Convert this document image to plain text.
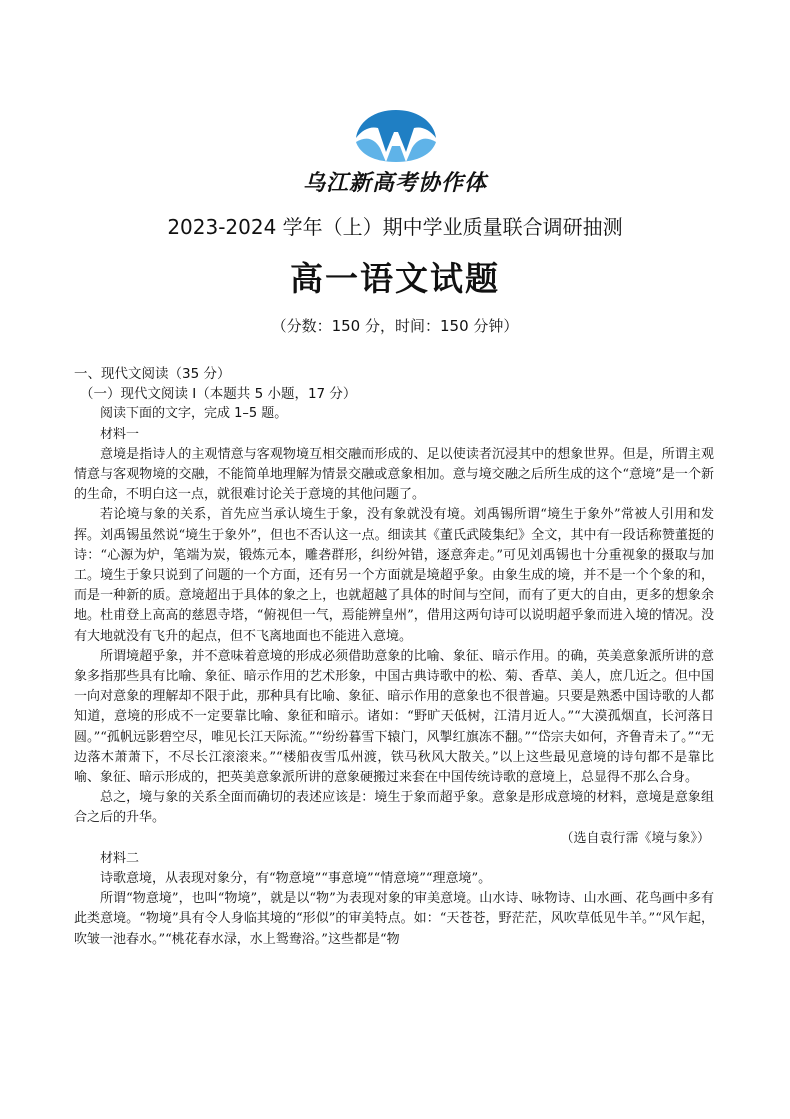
乌江新高考协作体
2023-2024 学年（上）期中学业质量联合调研抽测
高一语文试题
（分数：150 分，时间：150 分钟）
一、现代文阅读（35 分）
（一）现代文阅读 Ⅰ（本题共 5 小题，17 分）
阅读下面的文字，完成 1–5 题。
材料一

意境是指诗人的主观情意与客观物境互相交融而形成的、足以使读者沉浸其中的想象世界。但是，所谓主观情意与客观物境的交融，不能简单地理解为情景交融或意象相加。意与境交融之后所生成的这个“意境”是一个新的生命，不明白这一点，就很难讨论关于意境的其他问题了。

若论境与象的关系，首先应当承认境生于象，没有象就没有境。刘禹锡所谓“境生于象外”常被人引用和发挥。刘禹锡虽然说“境生于象外”，但也不否认这一点。细读其《董氏武陵集纪》全文，其中有一段话称赞董挺的诗：“心源为炉，笔端为炭，锻炼元本，雕砻群形，纠纷舛错，逐意奔走。”可见刘禹锡也十分重视象的摄取与加工。境生于象只说到了问题的一个方面，还有另一个方面就是境超乎象。由象生成的境，并不是一个个象的和，而是一种新的质。意境超出于具体的象之上，也就超越了具体的时间与空间，而有了更大的自由，更多的想象余地。杜甫登上高高的慈恩寺塔，“俯视但一气，焉能辨皇州”，借用这两句诗可以说明超乎象而进入境的情况。没有大地就没有飞升的起点，但不飞离地面也不能进入意境。

所谓境超乎象，并不意味着意境的形成必须借助意象的比喻、象征、暗示作用。的确，英美意象派所讲的意象多指那些具有比喻、象征、暗示作用的艺术形象，中国古典诗歌中的松、菊、香草、美人，庶几近之。但中国一向对意象的理解却不限于此，那种具有比喻、象征、暗示作用的意象也不很普遍。只要是熟悉中国诗歌的人都知道，意境的形成不一定要靠比喻、象征和暗示。诸如：“野旷天低树，江清月近人。”“大漠孤烟直，长河落日圆。”“孤帆远影碧空尽，唯见长江天际流。”“纷纷暮雪下辕门，风掣红旗冻不翻。”“岱宗夫如何，齐鲁青未了。”“无边落木萧萧下，不尽长江滚滚来。”“楼船夜雪瓜州渡，铁马秋风大散关。”以上这些最见意境的诗句都不是靠比喻、象征、暗示形成的，把英美意象派所讲的意象硬搬过来套在中国传统诗歌的意境上，总显得不那么合身。

总之，境与象的关系全面而确切的表述应该是：境生于象而超乎象。意象是形成意境的材料，意境是意象组合之后的升华。

（选自袁行霈《境与象》）
材料二

诗歌意境，从表现对象分，有“物意境”“事意境”“情意境”“理意境”。

所谓“物意境”，也叫“物境”，就是以“物”为表现对象的审美意境。山水诗、咏物诗、山水画、花鸟画中多有此类意境。“物境”具有令人身临其境的“形似”的审美特点。如：“天苍苍，野茫茫，风吹草低见牛羊。”“风乍起，吹皱一池春水。”“桃花春水渌，水上鸳鸯浴。”这些都是“物
